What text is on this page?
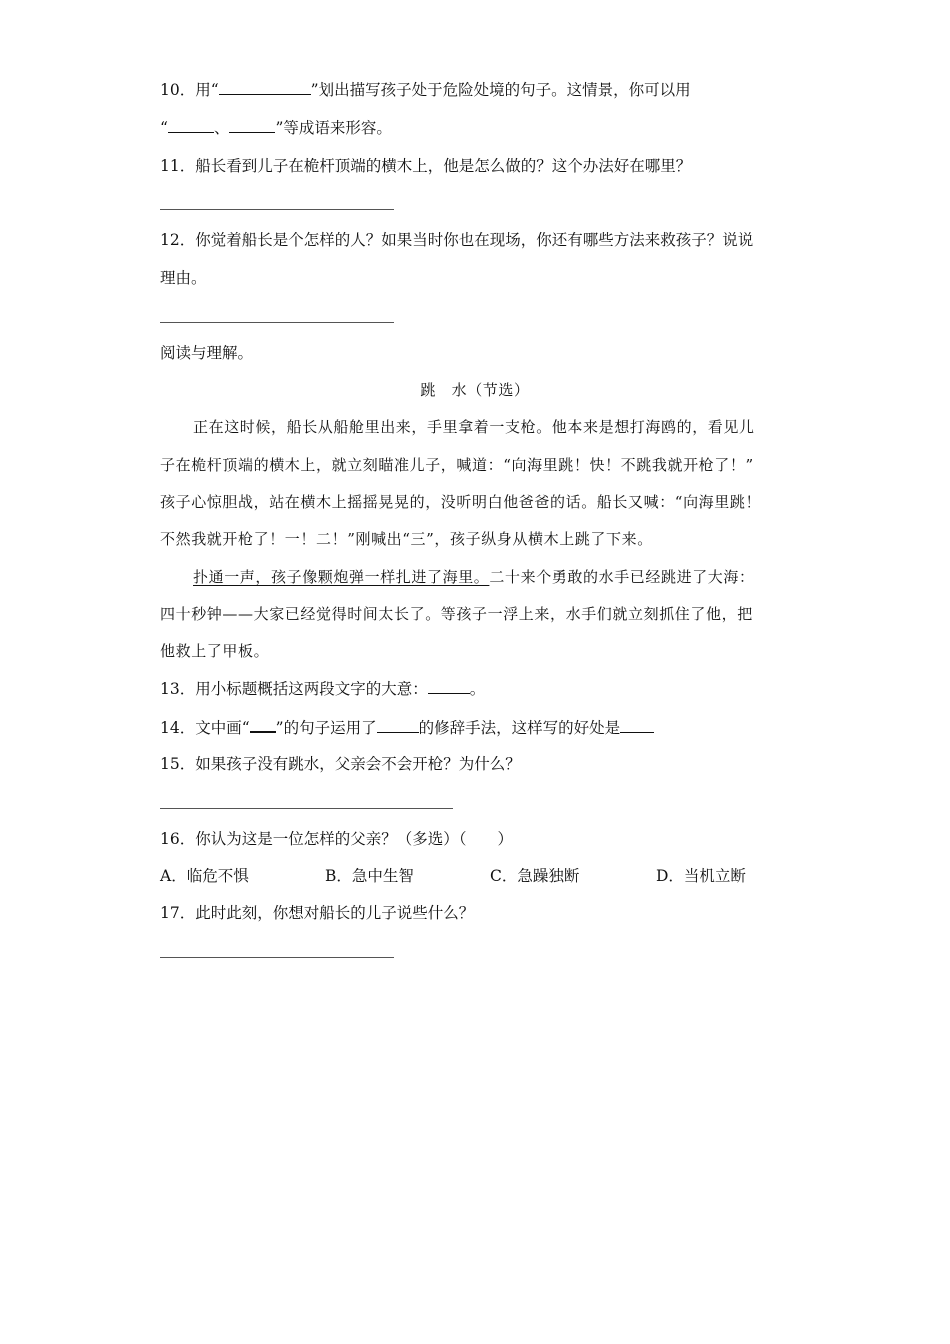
10．用“	”划出描写孩子处于危险处境的句子。这情景，你可以用
“	、	”等成语来形容。
11．船长看到儿子在桅杆顶端的横木上，他是怎么做的？这个办法好在哪里？
12．你觉着船长是个怎样的人？如果当时你也在现场，你还有哪些方法来救孩子？说说
理由。
阅读与理解。
跳　水（节选）
正在这时候，船长从船舱里出来，手里拿着一支枪。他本来是想打海鸥的，看见儿
子在桅杆顶端的横木上，就立刻瞄准儿子，喊道：“向海里跳！快！不跳我就开枪了！”
孩子心惊胆战，站在横木上摇摇晃晃的，没听明白他爸爸的话。船长又喊：“向海里跳！
不然我就开枪了！一！二！”刚喊出“三”，孩子纵身从横木上跳了下来。
扑通一声，孩子像颗炮弹一样扎进了海里。二十来个勇敢的水手已经跳进了大海：
四十秒钟——大家已经觉得时间太长了。等孩子一浮上来，水手们就立刻抓住了他，把
他救上了甲板。
13．用小标题概括这两段文字的大意：	。
14．文中画“ ”的句子运用了	的修辞手法，这样写的好处是
15．如果孩子没有跳水，父亲会不会开枪？为什么？
16．你认为这是一位怎样的父亲？（多选）（　　）
A．临危不惧	B．急中生智	C．急躁独断	D．当机立断
17．此时此刻，你想对船长的儿子说些什么？
